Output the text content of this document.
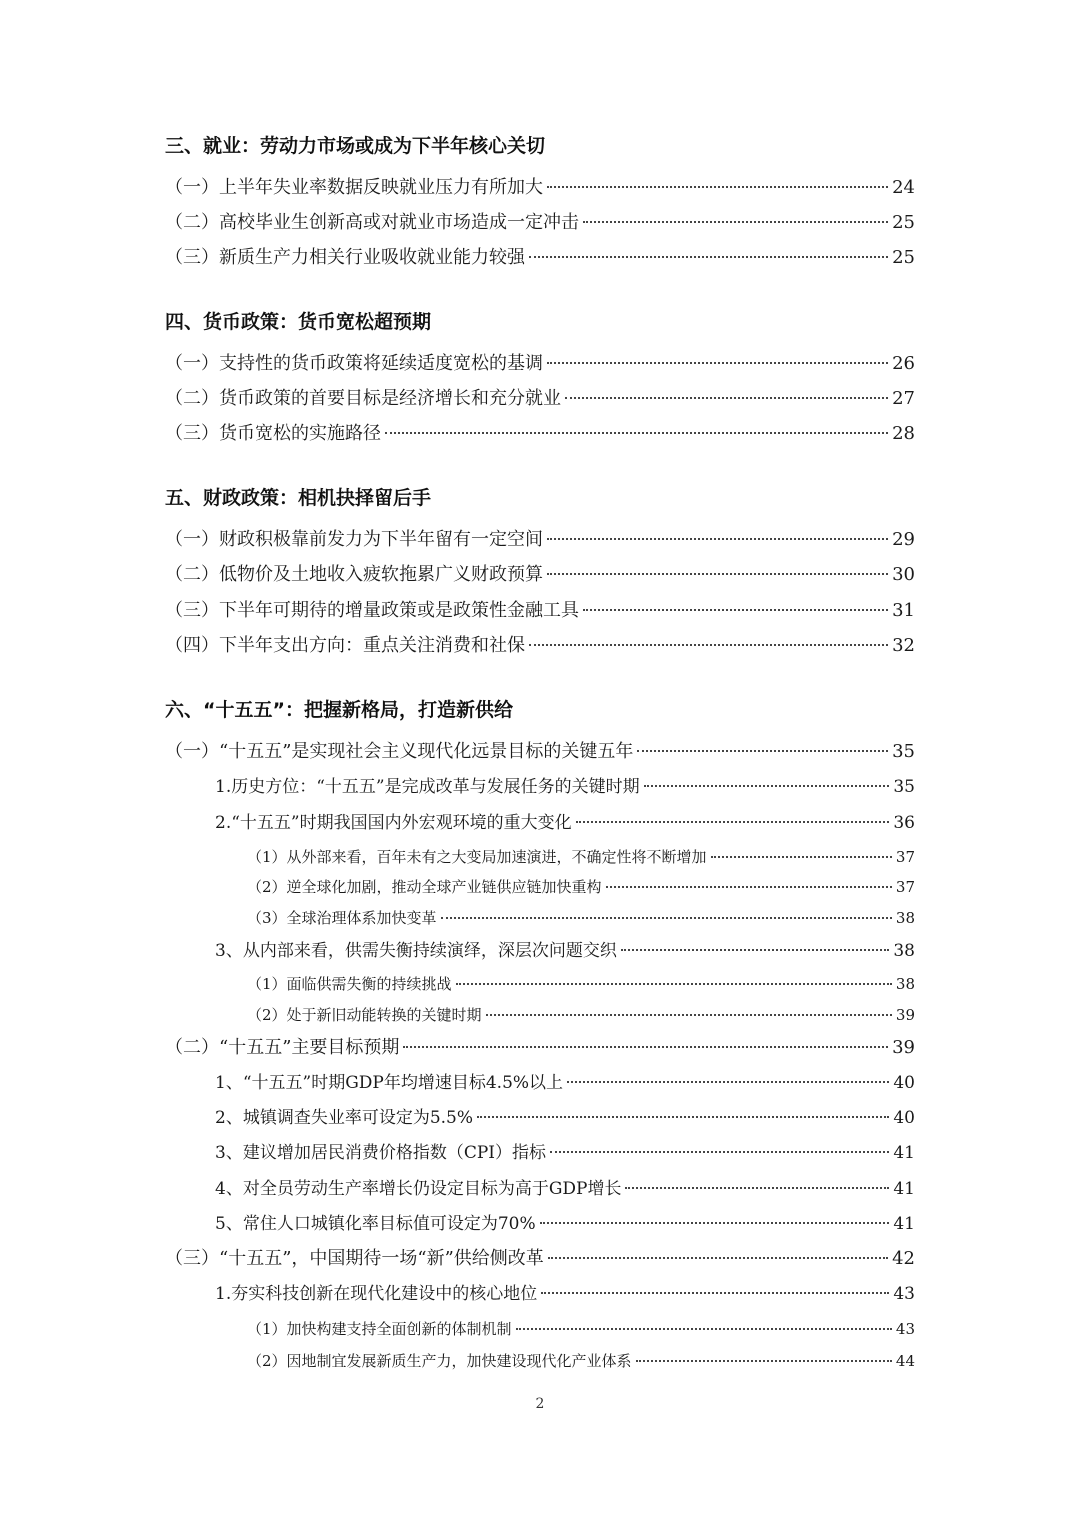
三、就业：劳动力市场或成为下半年核心关切
（一）上半年失业率数据反映就业压力有所加大	24
（二）高校毕业生创新高或对就业市场造成一定冲击	25
（三）新质生产力相关行业吸收就业能力较强	25
四、货币政策：货币宽松超预期
（一）支持性的货币政策将延续适度宽松的基调	26
（二）货币政策的首要目标是经济增长和充分就业	27
（三）货币宽松的实施路径	28
五、财政政策：相机抉择留后手
（一）财政积极靠前发力为下半年留有一定空间	29
（二）低物价及土地收入疲软拖累广义财政预算	30
（三）下半年可期待的增量政策或是政策性金融工具	31
（四）下半年支出方向：重点关注消费和社保	32
六、“十五五”：把握新格局，打造新供给
（一）“十五五”是实现社会主义现代化远景目标的关键五年	35
1.历史方位：“十五五”是完成改革与发展任务的关键时期	35
2.“十五五”时期我国国内外宏观环境的重大变化	36
（1）从外部来看，百年未有之大变局加速演进，不确定性将不断增加	37
（2）逆全球化加剧，推动全球产业链供应链加快重构	37
（3）全球治理体系加快变革	38
3、从内部来看，供需失衡持续演绎，深层次问题交织	38
（1）面临供需失衡的持续挑战	38
（2）处于新旧动能转换的关键时期	39
（二）“十五五”主要目标预期	39
1、“十五五”时期GDP年均增速目标4.5%以上	40
2、城镇调查失业率可设定为5.5%	40
3、建议增加居民消费价格指数（CPI）指标	41
4、对全员劳动生产率增长仍设定目标为高于GDP增长	41
5、常住人口城镇化率目标值可设定为70%	41
（三）“十五五”，中国期待一场“新”供给侧改革	42
1.夯实科技创新在现代化建设中的核心地位	43
（1）加快构建支持全面创新的体制机制	43
（2）因地制宜发展新质生产力，加快建设现代化产业体系	44
2
